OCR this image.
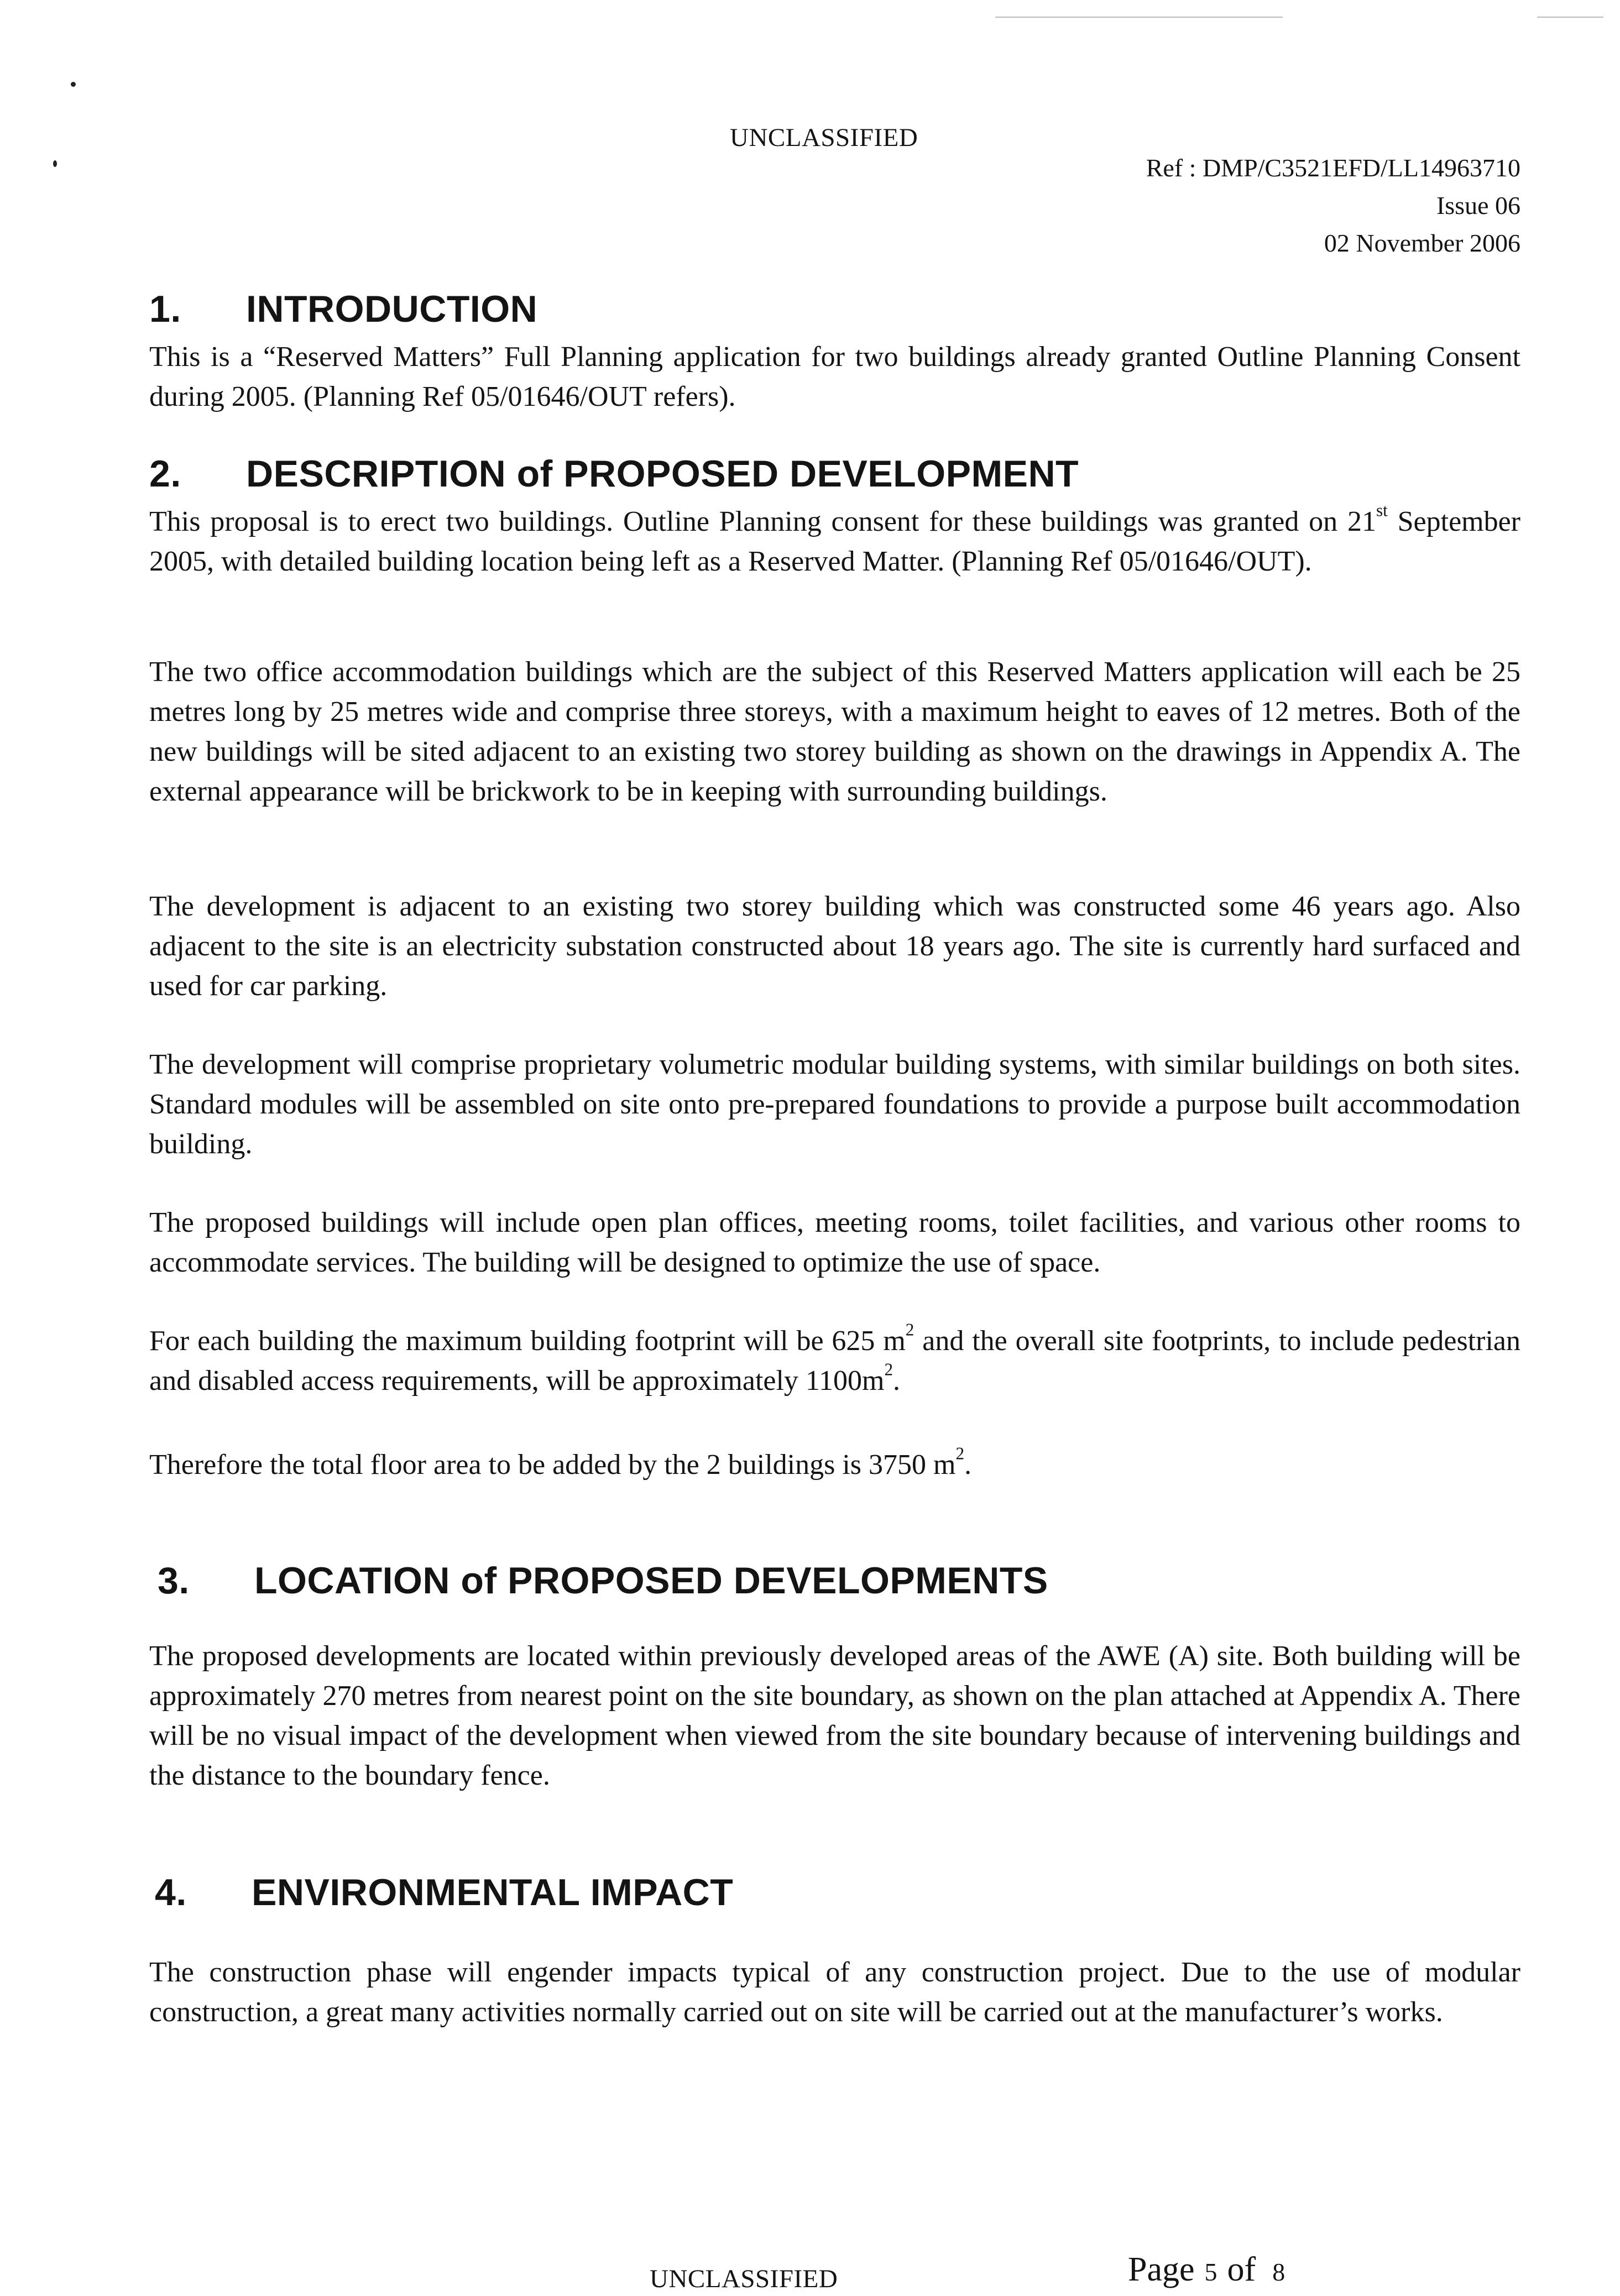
UNCLASSIFIED
Ref : DMP/C3521EFD/LL14963710
Issue 06
02 November 2006
1. INTRODUCTION

This is a “Reserved Matters” Full Planning application for two buildings already granted Outline Planning Consent during 2005. (Planning Ref 05/01646/OUT refers).

2. DESCRIPTION of PROPOSED DEVELOPMENT

This proposal is to erect two buildings. Outline Planning consent for these buildings was granted on 21st September 2005, with detailed building location being left as a Reserved Matter. (Planning Ref 05/01646/OUT).

The two office accommodation buildings which are the subject of this Reserved Matters application will each be 25 metres long by 25 metres wide and comprise three storeys, with a maximum height to eaves of 12 metres. Both of the new buildings will be sited adjacent to an existing two storey building as shown on the drawings in Appendix A. The external appearance will be brickwork to be in keeping with surrounding buildings.

The development is adjacent to an existing two storey building which was constructed some 46 years ago. Also adjacent to the site is an electricity substation constructed about 18 years ago. The site is currently hard surfaced and used for car parking.

The development will comprise proprietary volumetric modular building systems, with similar buildings on both sites. Standard modules will be assembled on site onto pre-prepared foundations to provide a purpose built accommodation building.

The proposed buildings will include open plan offices, meeting rooms, toilet facilities, and various other rooms to accommodate services. The building will be designed to optimize the use of space.

For each building the maximum building footprint will be 625 $m^2$ and the overall site footprints, to include pedestrian and disabled access requirements, will be approximately $1100m^2$.

Therefore the total floor area to be added by the 2 buildings is 3750 $m^2$.

3. LOCATION of PROPOSED DEVELOPMENTS

The proposed developments are located within previously developed areas of the AWE (A) site. Both building will be approximately 270 metres from nearest point on the site boundary, as shown on the plan attached at Appendix A. There will be no visual impact of the development when viewed from the site boundary because of intervening buildings and the distance to the boundary fence.

4. ENVIRONMENTAL IMPACT

The construction phase will engender impacts typical of any construction project. Due to the use of modular construction, a great many activities normally carried out on site will be carried out at the manufacturer’s works.

UNCLASSIFIED	Page 5 of 8
